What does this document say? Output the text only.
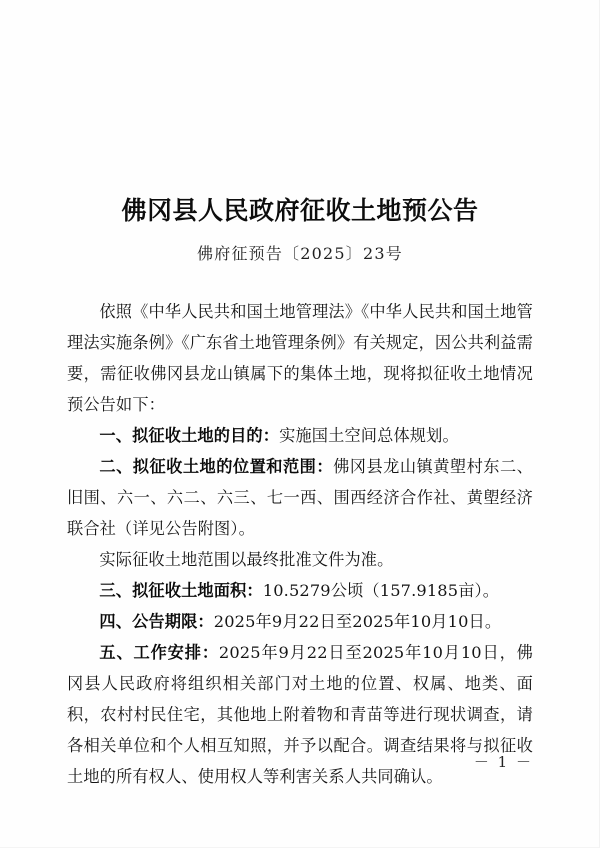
佛冈县人民政府征收土地预公告
佛府征预告〔2025〕23号

依照《中华人民共和国土地管理法》《中华人民共和国土地管理法实施条例》《广东省土地管理条例》有关规定，因公共利益需要，需征收佛冈县龙山镇属下的集体土地，现将拟征收土地情况预公告如下：

一、拟征收土地的目的：实施国土空间总体规划。

二、拟征收土地的位置和范围：佛冈县龙山镇黄塱村东二、旧围、六一、六二、六三、七一西、围西经济合作社、黄塱经济联合社（详见公告附图）。

实际征收土地范围以最终批准文件为准。

三、拟征收土地面积：10.5279公顷（157.9185亩）。

四、公告期限：2025年9月22日至2025年10月10日。

五、工作安排：2025年9月22日至2025年10月10日，佛冈县人民政府将组织相关部门对土地的位置、权属、地类、面积，农村村民住宅，其他地上附着物和青苗等进行现状调查，请各相关单位和个人相互知照，并予以配合。调查结果将与拟征收土地的所有权人、使用权人等利害关系人共同确认。

－ 1 －
